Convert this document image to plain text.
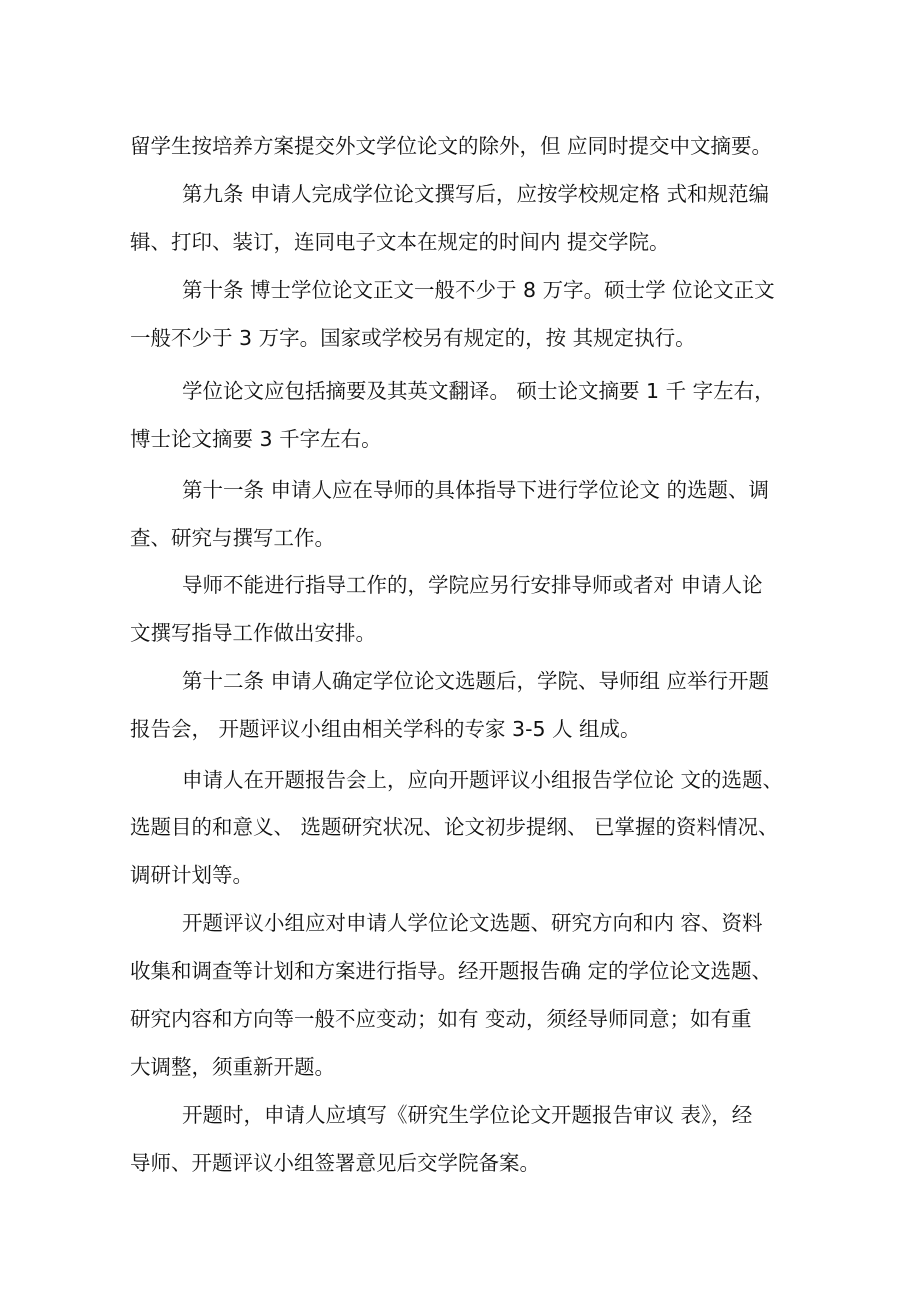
留学生按培养方案提交外文学位论文的除外，但 应同时提交中文摘要。
第九条 申请人完成学位论文撰写后，应按学校规定格 式和规范编
辑、打印、装订，连同电子文本在规定的时间内 提交学院。
第十条 博士学位论文正文一般不少于 8 万字。硕士学 位论文正文
一般不少于 3 万字。国家或学校另有规定的，按 其规定执行。
学位论文应包括摘要及其英文翻译。 硕士论文摘要 1 千 字左右，
博士论文摘要 3 千字左右。
第十一条 申请人应在导师的具体指导下进行学位论文 的选题、调
查、研究与撰写工作。
导师不能进行指导工作的，学院应另行安排导师或者对 申请人论
文撰写指导工作做出安排。
第十二条 申请人确定学位论文选题后，学院、导师组 应举行开题
报告会， 开题评议小组由相关学科的专家 3-5 人 组成。
申请人在开题报告会上，应向开题评议小组报告学位论 文的选题、
选题目的和意义、 选题研究状况、论文初步提纲、 已掌握的资料情况、
调研计划等。
开题评议小组应对申请人学位论文选题、研究方向和内 容、资料
收集和调查等计划和方案进行指导。经开题报告确 定的学位论文选题、
研究内容和方向等一般不应变动；如有 变动，须经导师同意；如有重
大调整，须重新开题。
开题时，申请人应填写《研究生学位论文开题报告审议 表》，经
导师、开题评议小组签署意见后交学院备案。
